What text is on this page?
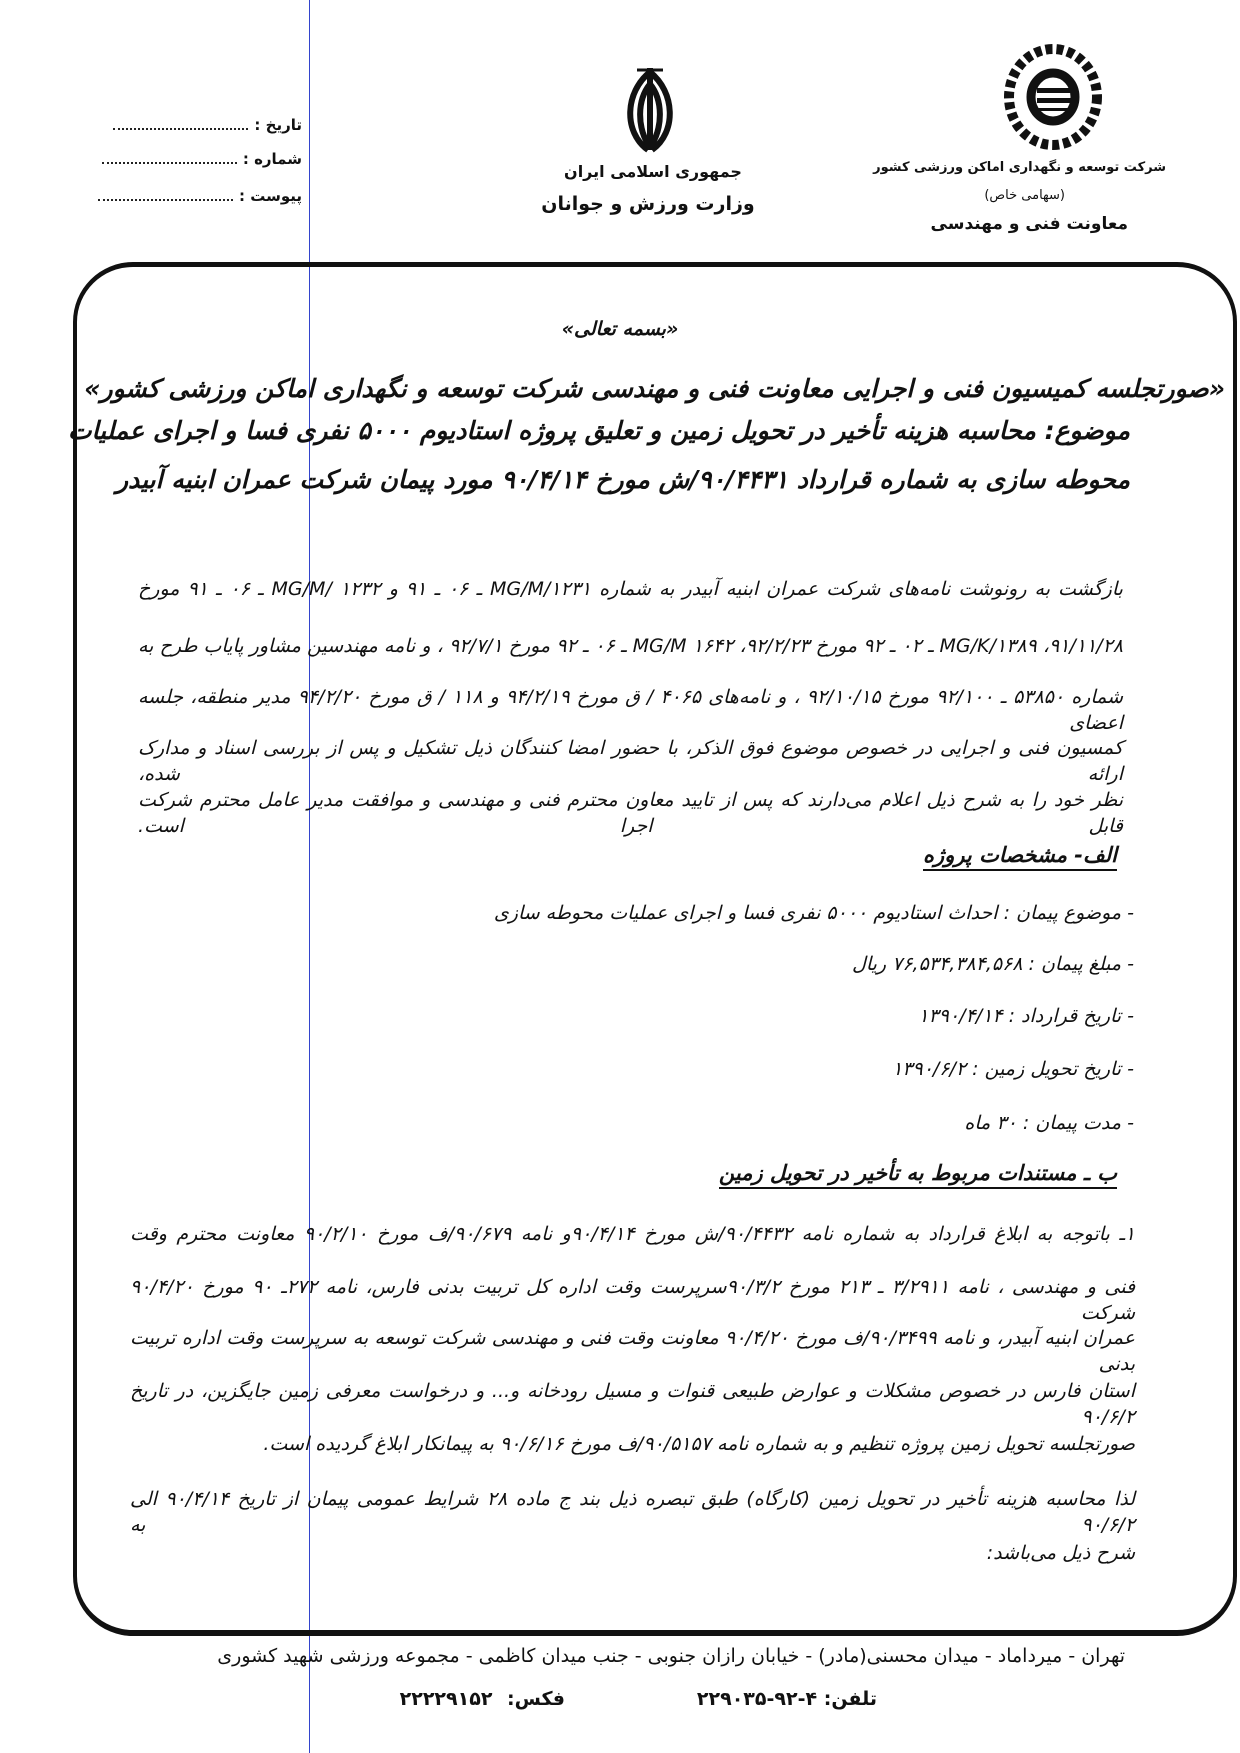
شرکت توسعه و نگهداری اماکن ورزشی کشور
(سهامی خاص)
معاونت فنی و مهندسی
جمهوری اسلامی ایران
وزارت ورزش و جوانان
تاریخ :
شماره :
پیوست :
«بسمه تعالی»
«صورتجلسه کمیسیون فنی و اجرایی معاونت فنی و مهندسی شرکت توسعه و نگهداری اماکن ورزشی کشور»
موضوع: محاسبه هزینه تأخیر در تحویل زمین و تعلیق پروژه استادیوم ۵۰۰۰ نفری فسا و اجرای عملیات
محوطه سازی به شماره قرارداد ۹۰/۴۴۳۱/ش مورخ ۹۰/۴/۱۴ مورد پیمان شرکت عمران ابنیه آبیدر
بازگشت به رونوشت نامه‌های شرکت عمران ابنیه آبیدر به شماره MG/M/۱۲۳۱ ـ ۰۶ ـ ۹۱ و ۱۲۳۲ /MG/M ـ ۰۶ ـ ۹۱ مورخ
۹۱/۱۱/۲۸، MG/K/۱۳۸۹ ـ ۰۲ ـ ۹۲ مورخ ۹۲/۲/۲۳، ۱۶۴۲ MG/M ـ ۰۶ ـ ۹۲ مورخ ۹۲/۷/۱ ، و نامه مهندسین مشاور پایاب طرح به
شماره ۵۳۸۵۰ ـ ۹۲/۱۰۰ مورخ ۹۲/۱۰/۱۵ ، و نامه‌های ۴۰۶۵ / ق مورخ ۹۴/۲/۱۹ و ۱۱۸ / ق مورخ ۹۴/۲/۲۰ مدیر منطقه، جلسه اعضای
کمسیون فنی و اجرایی در خصوص موضوع فوق الذکر، با حضور امضا کنندگان ذیل تشکیل و پس از بررسی اسناد و مدارک ارائه شده،
نظر خود را به شرح ذیل اعلام می‌دارند که پس از تایید معاون محترم فنی و مهندسی و موافقت مدیر عامل محترم شرکت قابل اجرا است.
الف- مشخصات پروژه
‐ موضوع پیمان : احداث استادیوم ۵۰۰۰ نفری فسا و اجرای عملیات محوطه سازی
‐ مبلغ پیمان : ۷۶,۵۳۴,۳۸۴,۵۶۸ ریال
‐ تاریخ قرارداد : ۱۳۹۰/۴/۱۴
‐ تاریخ تحویل زمین : ۱۳۹۰/۶/۲
‐ مدت پیمان : ۳۰ ماه
ب ـ مستندات مربوط به تأخیر در تحویل زمین
۱ـ باتوجه به ابلاغ قرارداد به شماره نامه ۹۰/۴۴۳۲/ش مورخ ۹۰/۴/۱۴و نامه ۹۰/۶۷۹/ف مورخ ۹۰/۲/۱۰ معاونت محترم وقت
فنی و مهندسی ، نامه ۳/۲۹۱۱ ـ ۲۱۳ مورخ ۹۰/۳/۲سرپرست وقت اداره کل تربیت بدنی فارس، نامه ۲۷۲ـ ۹۰ مورخ ۹۰/۴/۲۰ شرکت
عمران ابنیه آبیدر، و نامه ۹۰/۳۴۹۹/ف مورخ ۹۰/۴/۲۰ معاونت وقت فنی و مهندسی شرکت توسعه به سرپرست وقت اداره تربیت بدنی
استان فارس در خصوص مشکلات و عوارض طبیعی قنوات و مسیل رودخانه و... و درخواست معرفی زمین جایگزین، در تاریخ ۹۰/۶/۲
صورتجلسه تحویل زمین پروژه تنظیم و به شماره نامه ۹۰/۵۱۵۷/ف مورخ ۹۰/۶/۱۶ به پیمانکار ابلاغ گردیده است.
لذا محاسبه هزینه تأخیر در تحویل زمین (کارگاه) طبق تبصره ذیل بند ج ماده ۲۸ شرایط عمومی پیمان از تاریخ ۹۰/۴/۱۴ الی ۹۰/۶/۲ به
شرح ذیل می‌باشد:
تهران - میرداماد - میدان محسنی(مادر) - خیابان رازان جنوبی - جنب میدان کاظمی - مجموعه ورزشی شهید کشوری
تلفن: ۴-۹۲-۲۲۹۰۳۵
فکس: ۲۲۲۲۹۱۵۲
